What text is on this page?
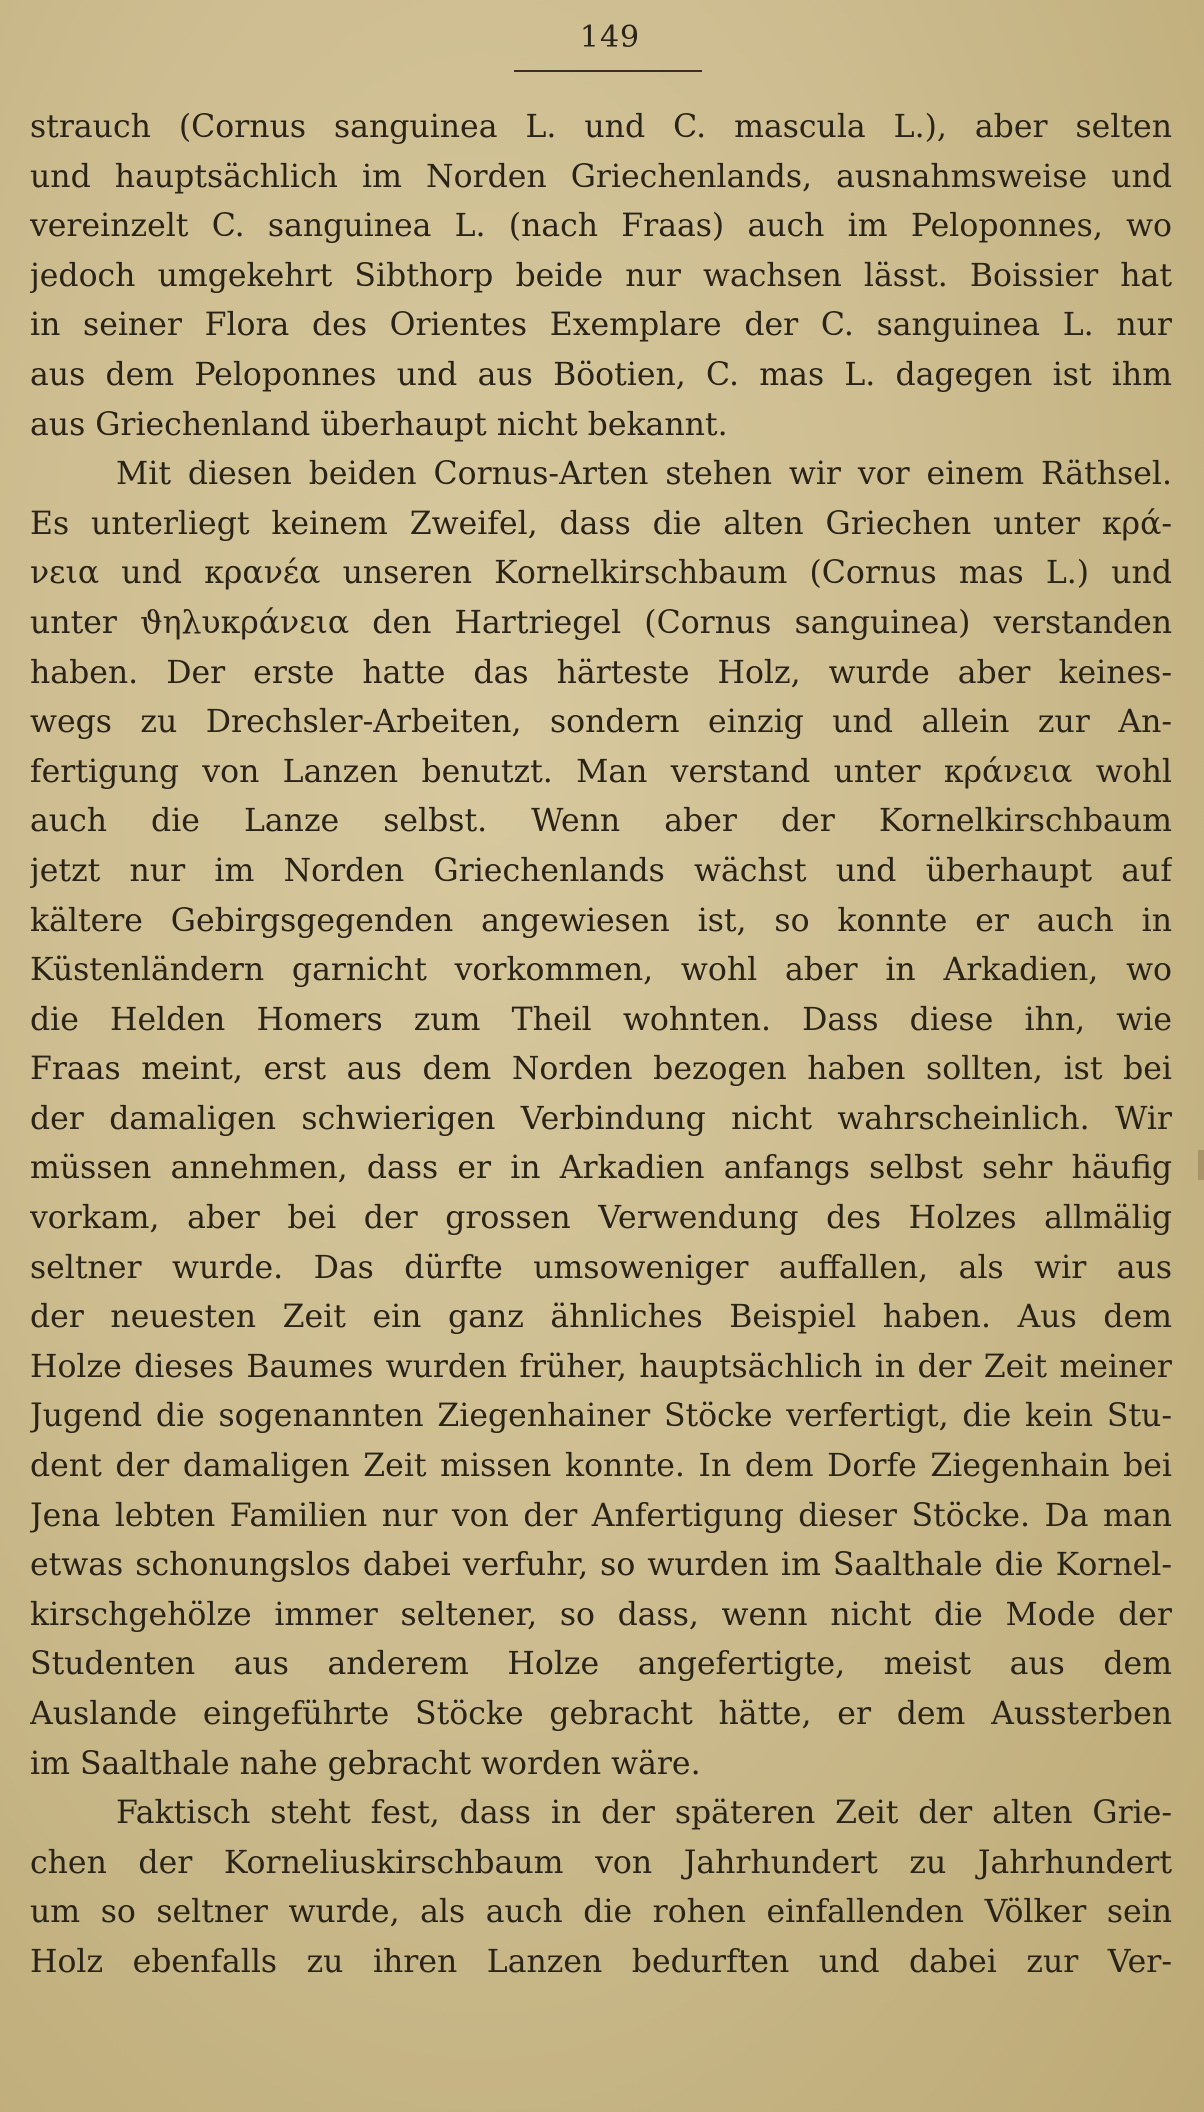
149
strauch (Cornus sanguinea L. und C. mascula L.), aber selten
und hauptsächlich im Norden Griechenlands, ausnahmsweise und
vereinzelt C. sanguinea L. (nach Fraas) auch im Peloponnes, wo
jedoch umgekehrt Sibthorp beide nur wachsen lässt. Boissier hat
in seiner Flora des Orientes Exemplare der C. sanguinea L. nur
aus dem Peloponnes und aus Böotien, C. mas L. dagegen ist ihm
aus Griechenland überhaupt nicht bekannt.
Mit diesen beiden Cornus-Arten stehen wir vor einem Räthsel.
Es unterliegt keinem Zweifel, dass die alten Griechen unter κρά-
νεια und κρανέα unseren Kornelkirschbaum (Cornus mas L.) und
unter ϑηλυκράνεια den Hartriegel (Cornus sanguinea) verstanden
haben. Der erste hatte das härteste Holz, wurde aber keines-
wegs zu Drechsler-Arbeiten, sondern einzig und allein zur An-
fertigung von Lanzen benutzt. Man verstand unter κράνεια wohl
auch die Lanze selbst. Wenn aber der Kornelkirschbaum
jetzt nur im Norden Griechenlands wächst und überhaupt auf
kältere Gebirgsgegenden angewiesen ist, so konnte er auch in
Küstenländern garnicht vorkommen, wohl aber in Arkadien, wo
die Helden Homers zum Theil wohnten. Dass diese ihn, wie
Fraas meint, erst aus dem Norden bezogen haben sollten, ist bei
der damaligen schwierigen Verbindung nicht wahrscheinlich. Wir
müssen annehmen, dass er in Arkadien anfangs selbst sehr häufig
vorkam, aber bei der grossen Verwendung des Holzes allmälig
seltner wurde. Das dürfte umsoweniger auffallen, als wir aus
der neuesten Zeit ein ganz ähnliches Beispiel haben. Aus dem
Holze dieses Baumes wurden früher, hauptsächlich in der Zeit meiner
Jugend die sogenannten Ziegenhainer Stöcke verfertigt, die kein Stu-
dent der damaligen Zeit missen konnte. In dem Dorfe Ziegenhain bei
Jena lebten Familien nur von der Anfertigung dieser Stöcke. Da man
etwas schonungslos dabei verfuhr, so wurden im Saalthale die Kornel-
kirschgehölze immer seltener, so dass, wenn nicht die Mode der
Studenten aus anderem Holze angefertigte, meist aus dem
Auslande eingeführte Stöcke gebracht hätte, er dem Aussterben
im Saalthale nahe gebracht worden wäre.
Faktisch steht fest, dass in der späteren Zeit der alten Grie-
chen der Korneliuskirschbaum von Jahrhundert zu Jahrhundert
um so seltner wurde, als auch die rohen einfallenden Völker sein
Holz ebenfalls zu ihren Lanzen bedurften und dabei zur Ver-
